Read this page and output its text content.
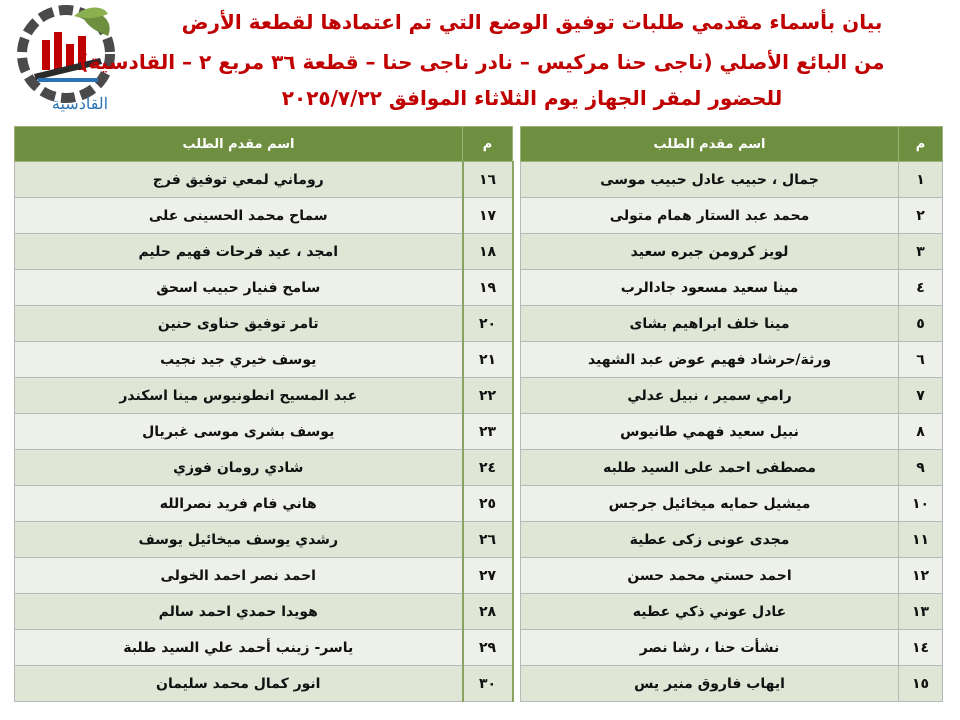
القادسية
بيان بأسماء مقدمي طلبات توفيق الوضع التي تم اعتمادها لقطعة الأرض
من البائع الأصلي (ناجى حنا مركيس – نادر ناجى حنا – قطعة ٣٦ مربع ٢ – القادسية)
للحضور لمقر الجهاز يوم الثلاثاء الموافق ٢٠٢٥/٧/٢٢
م	اسم مقدم الطلب		م	اسم مقدم الطلب
١	جمال ، حبيب عادل حبيب موسى		١٦	روماني لمعي توفيق فرج
٢	محمد عبد الستار همام متولى		١٧	سماح محمد الحسينى على
٣	لويز كرومن جبره سعيد		١٨	امجد ، عيد فرحات فهيم حليم
٤	مينا سعيد مسعود جادالرب		١٩	سامح فنيار حبيب اسحق
٥	مينا خلف ابراهيم بشاى		٢٠	تامر توفيق حناوى حنين
٦	ورثة/حرشاد فهيم عوض عبد الشهيد		٢١	يوسف خيري جيد نجيب
٧	رامي سمير ، نبيل عدلي		٢٢	عبد المسيح انطونيوس مينا اسكندر
٨	نبيل سعيد فهمي طانيوس		٢٣	يوسف بشرى موسى غبريال
٩	مصطفى احمد على السيد طلبه		٢٤	شادي رومان فوزي
١٠	ميشيل حمايه ميخائيل جرجس		٢٥	هاني فام فريد نصرالله
١١	مجدى عونى زكى عطية		٢٦	رشدي يوسف ميخائيل يوسف
١٢	احمد حستي محمد حسن		٢٧	احمد نصر احمد الخولى
١٣	عادل عوني ذكي عطيه		٢٨	هويدا حمدي احمد سالم
١٤	نشأت حنا ، رشا نصر		٢٩	ياسر- زينب أحمد علي السيد طلبة
١٥	ايهاب فاروق منير يس		٣٠	انور كمال محمد سليمان
